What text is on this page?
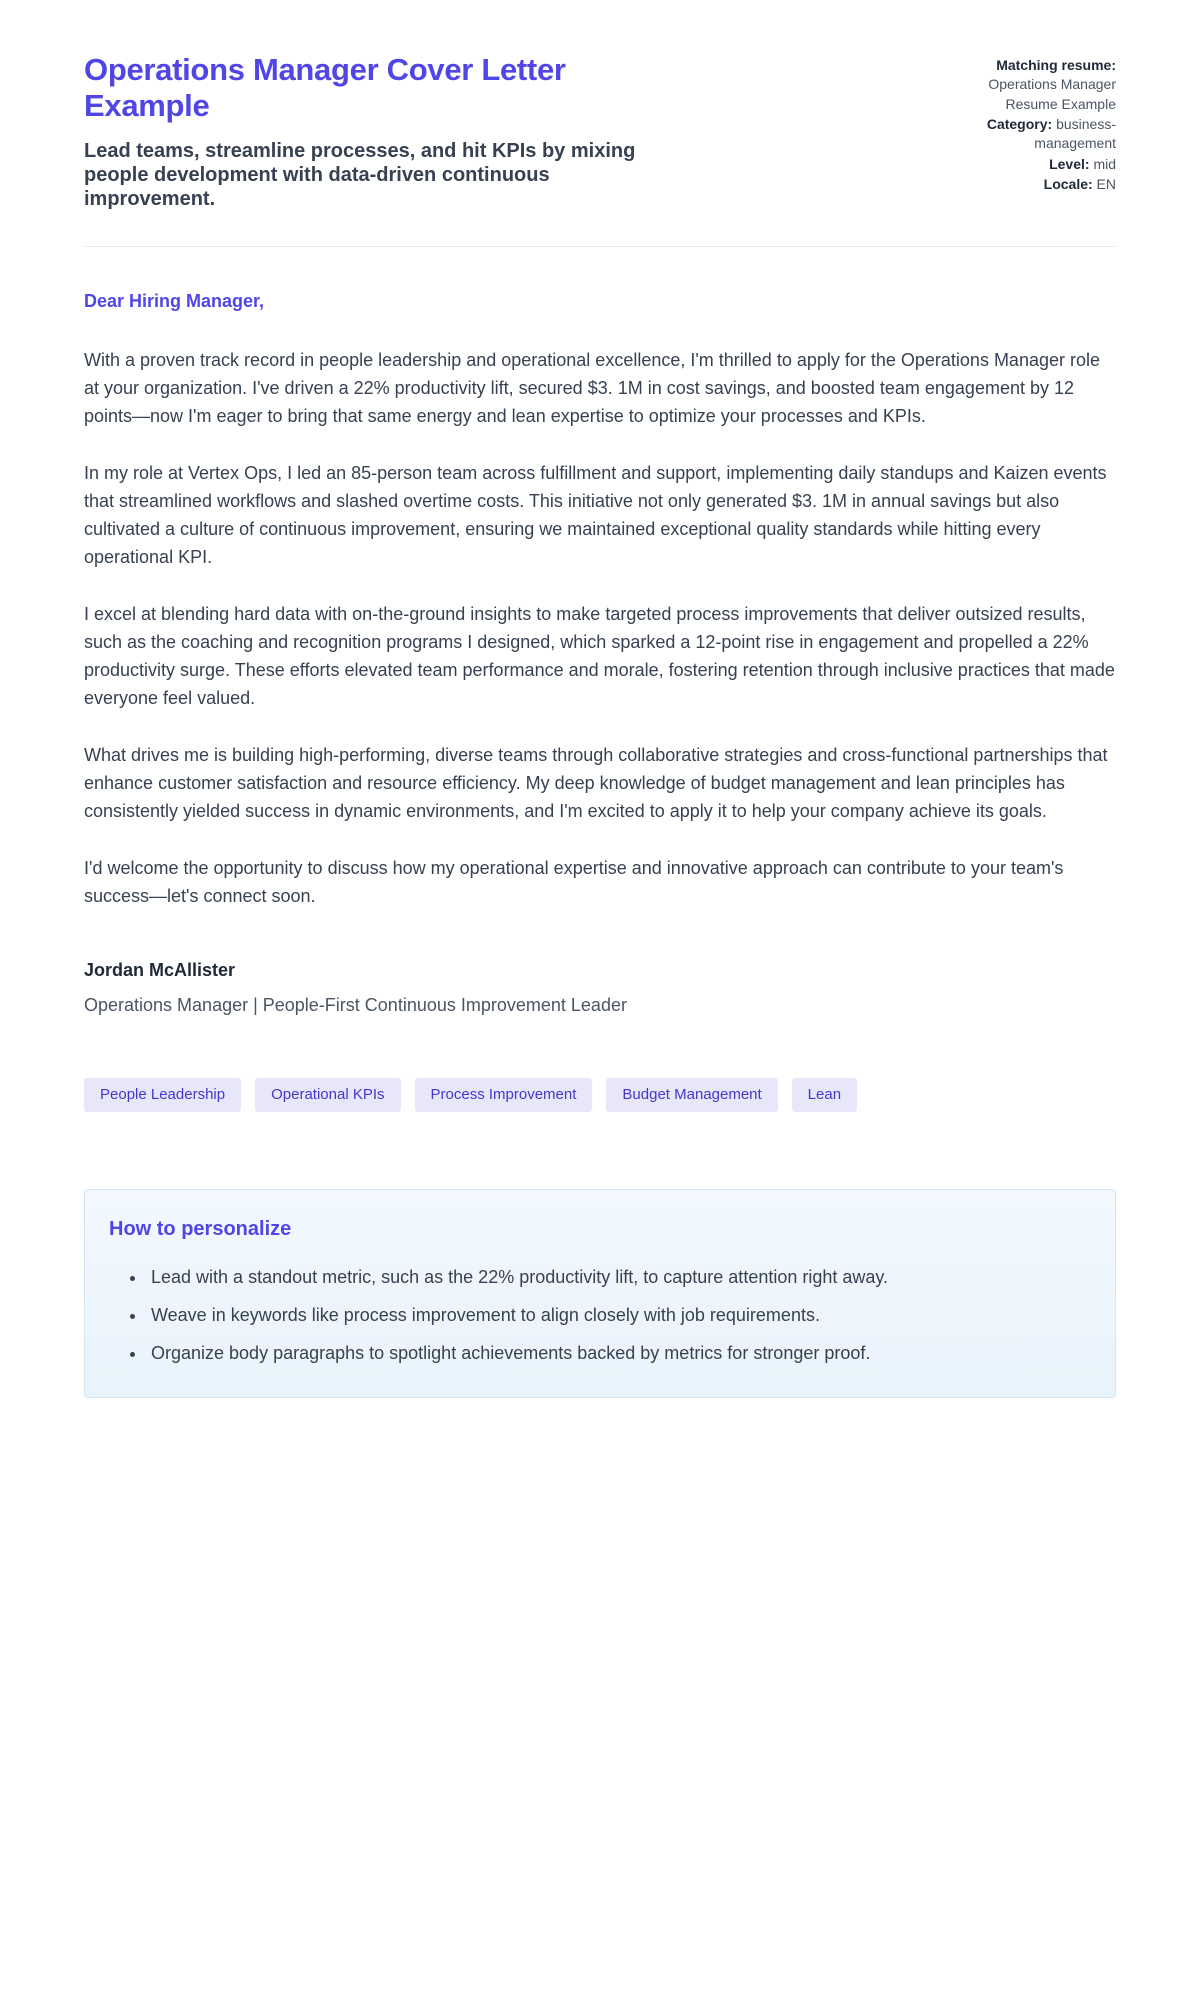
Operations Manager Cover Letter Example
Lead teams, streamline processes, and hit KPIs by mixing people development with data-driven continuous improvement.
Matching resume: Operations Manager Resume Example
Category: business-management
Level: mid
Locale: EN

Dear Hiring Manager,

With a proven track record in people leadership and operational excellence, I'm thrilled to apply for the Operations Manager role at your organization. I've driven a 22% productivity lift, secured $3. 1M in cost savings, and boosted team engagement by 12 points—now I'm eager to bring that same energy and lean expertise to optimize your processes and KPIs.

In my role at Vertex Ops, I led an 85-person team across fulfillment and support, implementing daily standups and Kaizen events that streamlined workflows and slashed overtime costs. This initiative not only generated $3. 1M in annual savings but also cultivated a culture of continuous improvement, ensuring we maintained exceptional quality standards while hitting every operational KPI.

I excel at blending hard data with on-the-ground insights to make targeted process improvements that deliver outsized results, such as the coaching and recognition programs I designed, which sparked a 12-point rise in engagement and propelled a 22% productivity surge. These efforts elevated team performance and morale, fostering retention through inclusive practices that made everyone feel valued.

What drives me is building high-performing, diverse teams through collaborative strategies and cross-functional partnerships that enhance customer satisfaction and resource efficiency. My deep knowledge of budget management and lean principles has consistently yielded success in dynamic environments, and I'm excited to apply it to help your company achieve its goals.

I'd welcome the opportunity to discuss how my operational expertise and innovative approach can contribute to your team's success—let's connect soon.

Jordan McAllister

Operations Manager | People-First Continuous Improvement Leader

People Leadership	Operational KPIs	Process Improvement	Budget Management	Lean
How to personalize
• Lead with a standout metric, such as the 22% productivity lift, to capture attention right away.
• Weave in keywords like process improvement to align closely with job requirements.
• Organize body paragraphs to spotlight achievements backed by metrics for stronger proof.
